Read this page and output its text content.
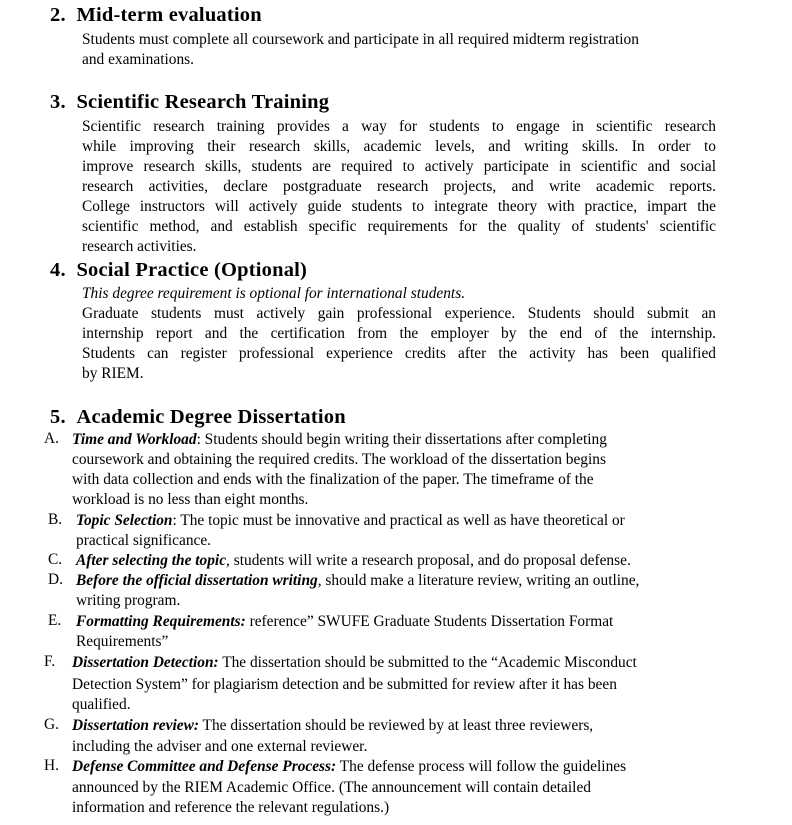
2. Mid-term evaluation
Students must complete all coursework and participate in all required midterm registration
and examinations.
3. Scientific Research Training
Scientific research training provides a way for students to engage in scientific research
while improving their research skills, academic levels, and writing skills. In order to
improve research skills, students are required to actively participate in scientific and social
research activities, declare postgraduate research projects, and write academic reports.
College instructors will actively guide students to integrate theory with practice, impart the
scientific method, and establish specific requirements for the quality of students' scientific
research activities.
4. Social Practice (Optional)
This degree requirement is optional for international students.
Graduate students must actively gain professional experience. Students should submit an
internship report and the certification from the employer by the end of the internship.
Students can register professional experience credits after the activity has been qualified
by RIEM.
5. Academic Degree Dissertation
A. Time and Workload: Students should begin writing their dissertations after completing
coursework and obtaining the required credits. The workload of the dissertation begins
with data collection and ends with the finalization of the paper. The timeframe of the
workload is no less than eight months.
B. Topic Selection: The topic must be innovative and practical as well as have theoretical or
practical significance.
C. After selecting the topic, students will write a research proposal, and do proposal defense.
D. Before the official dissertation writing, should make a literature review, writing an outline,
writing program.
E. Formatting Requirements: reference” SWUFE Graduate Students Dissertation Format
Requirements”
F. Dissertation Detection: The dissertation should be submitted to the “Academic Misconduct
Detection System” for plagiarism detection and be submitted for review after it has been
qualified.
G. Dissertation review: The dissertation should be reviewed by at least three reviewers,
including the adviser and one external reviewer.
H. Defense Committee and Defense Process: The defense process will follow the guidelines
announced by the RIEM Academic Office. (The announcement will contain detailed
information and reference the relevant regulations.)
